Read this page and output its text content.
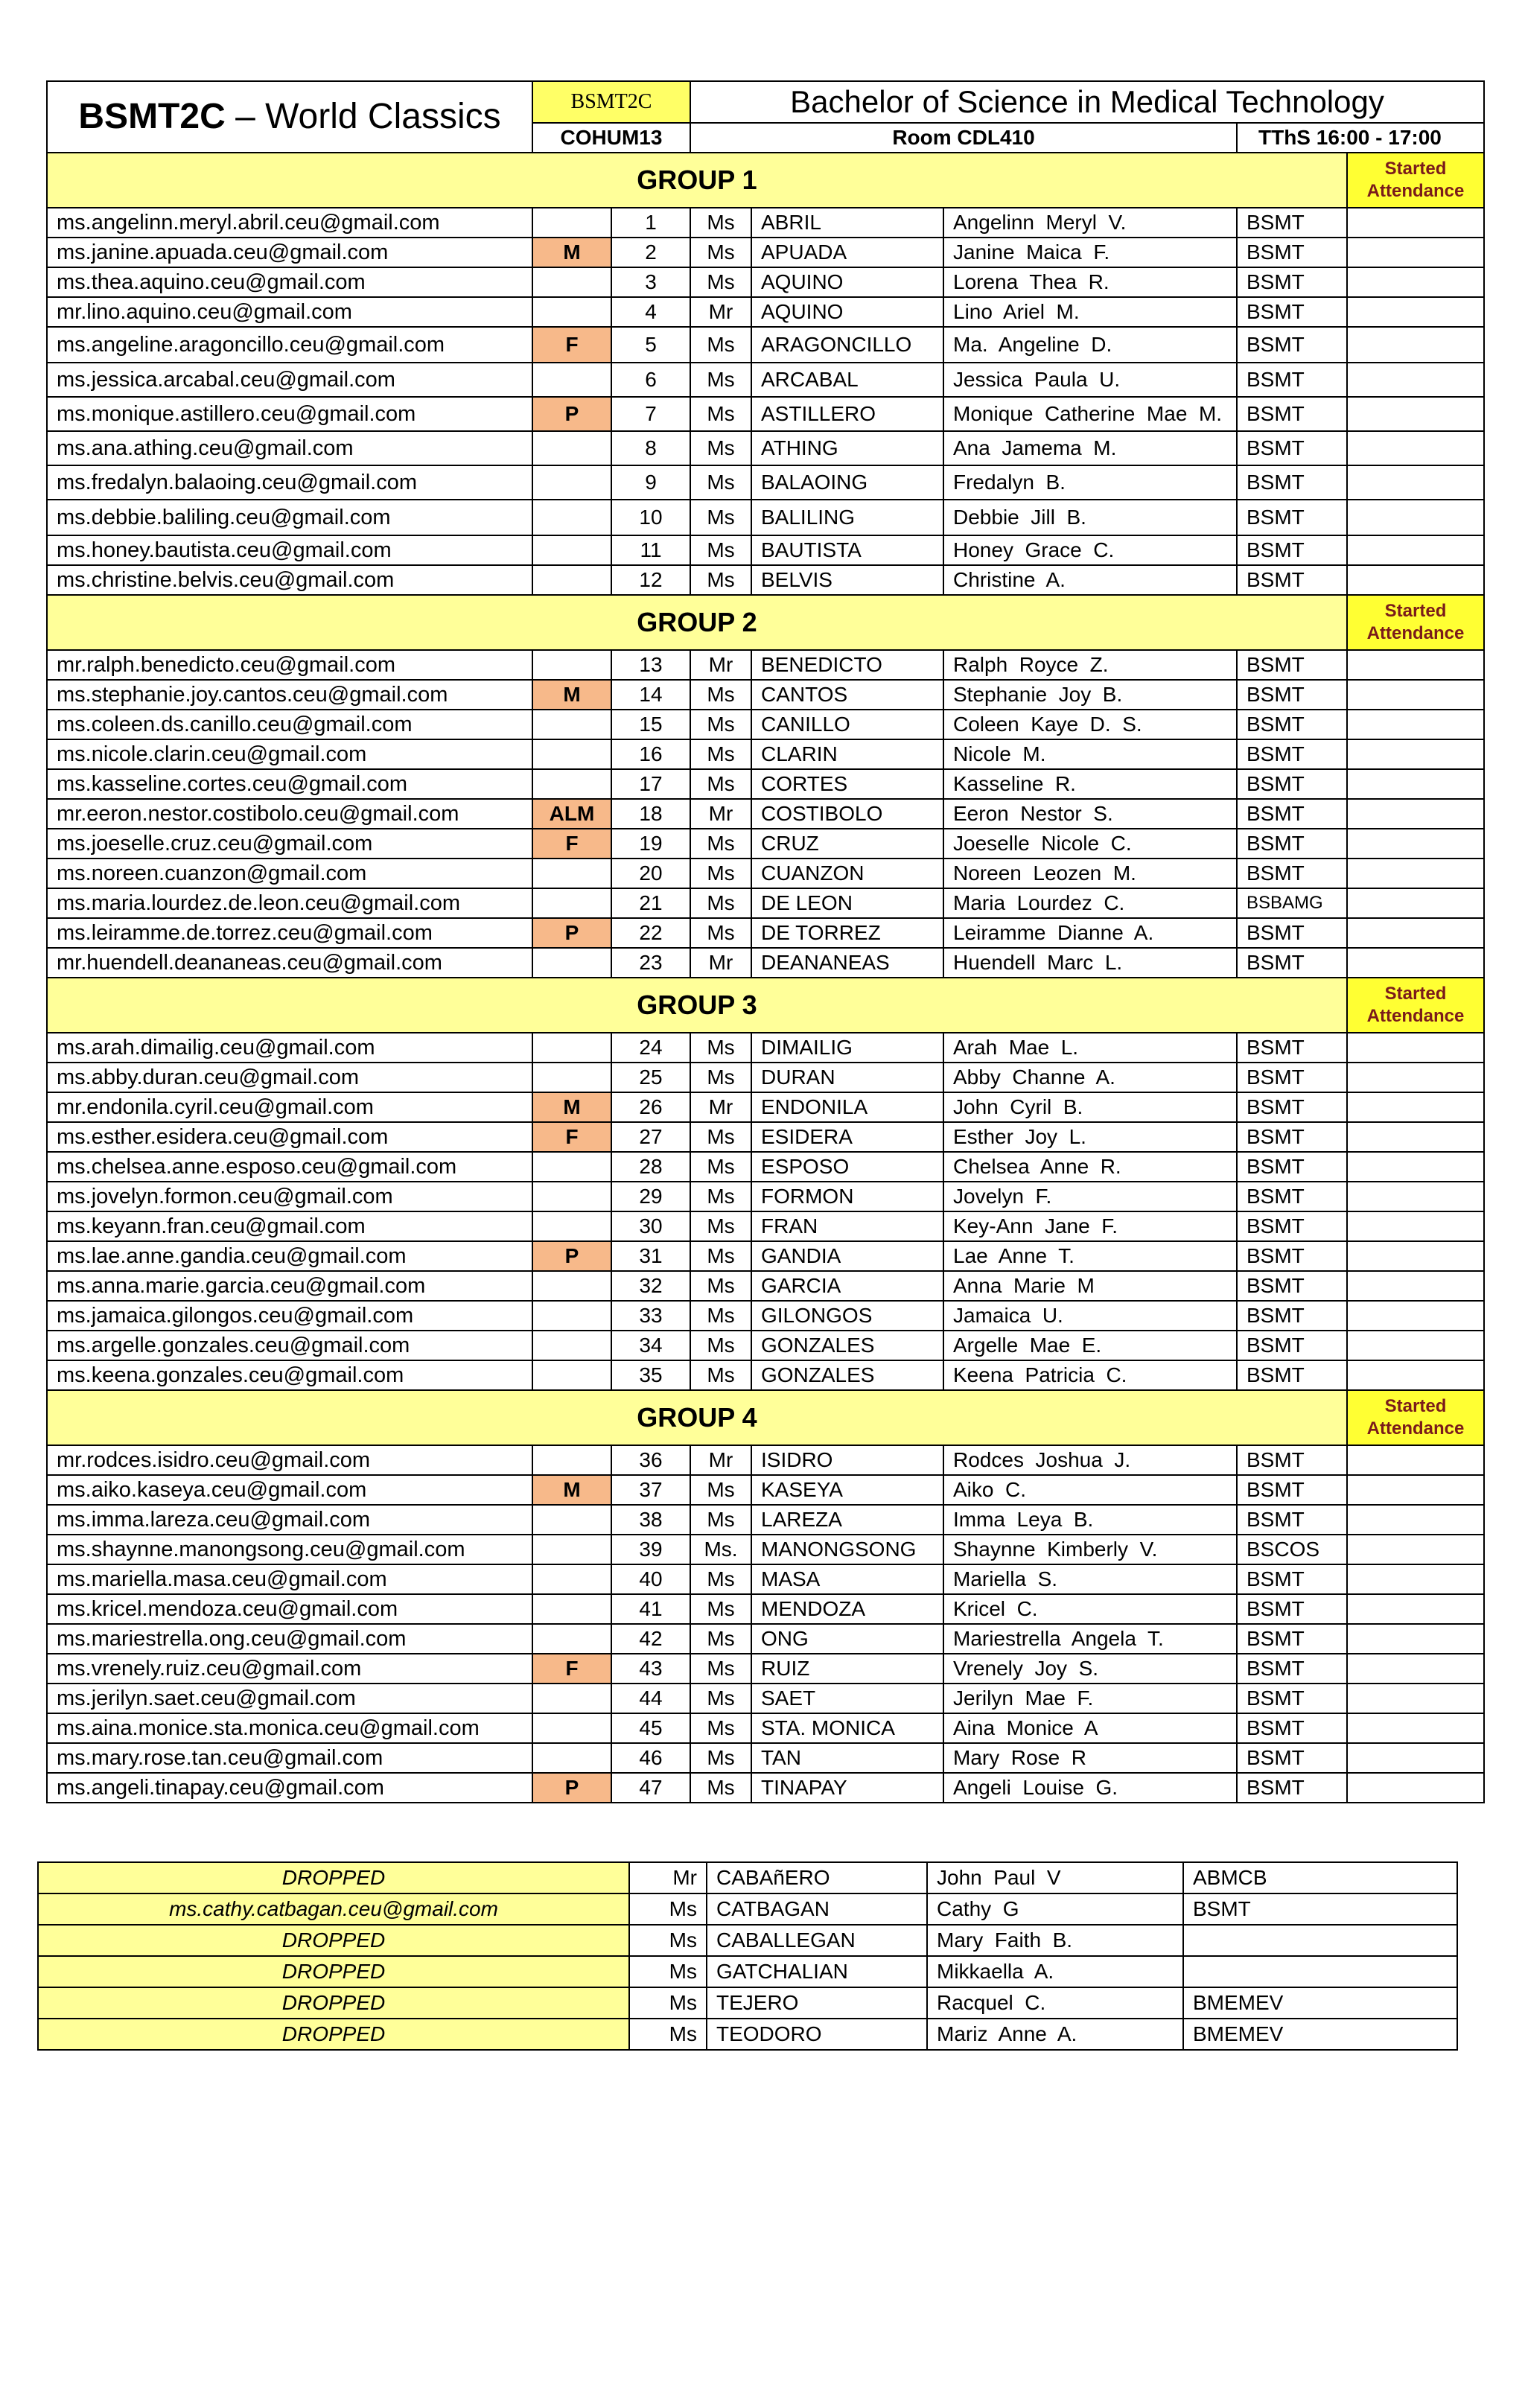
BSMT2C – World Classics	BSMT2C		Bachelor of Science in Medical Technology				
	COHUM13		Room CDL410			TThS 16:00 - 17:00	
GROUP 1							Started
Attendance
ms.angelinn.meryl.abril.ceu@gmail.com		1	Ms	ABRIL	Angelinn  Meryl  V.	BSMT	
ms.janine.apuada.ceu@gmail.com	M	2	Ms	APUADA	Janine  Maica  F.	BSMT	
ms.thea.aquino.ceu@gmail.com		3	Ms	AQUINO	Lorena  Thea  R.	BSMT	
mr.lino.aquino.ceu@gmail.com		4	Mr	AQUINO	Lino  Ariel  M.	BSMT	
ms.angeline.aragoncillo.ceu@gmail.com	F	5	Ms	ARAGONCILLO	Ma.  Angeline  D.	BSMT	
ms.jessica.arcabal.ceu@gmail.com		6	Ms	ARCABAL	Jessica  Paula  U.	BSMT	
ms.monique.astillero.ceu@gmail.com	P	7	Ms	ASTILLERO	Monique  Catherine  Mae  M.	BSMT	
ms.ana.athing.ceu@gmail.com		8	Ms	ATHING	Ana  Jamema  M.	BSMT	
ms.fredalyn.balaoing.ceu@gmail.com		9	Ms	BALAOING	Fredalyn  B.	BSMT	
ms.debbie.baliling.ceu@gmail.com		10	Ms	BALILING	Debbie  Jill  B.	BSMT	
ms.honey.bautista.ceu@gmail.com		11	Ms	BAUTISTA	Honey  Grace  C.	BSMT	
ms.christine.belvis.ceu@gmail.com		12	Ms	BELVIS	Christine  A.	BSMT	
GROUP 2							Started
Attendance
mr.ralph.benedicto.ceu@gmail.com		13	Mr	BENEDICTO	Ralph  Royce  Z.	BSMT	
ms.stephanie.joy.cantos.ceu@gmail.com	M	14	Ms	CANTOS	Stephanie  Joy  B.	BSMT	
ms.coleen.ds.canillo.ceu@gmail.com		15	Ms	CANILLO	Coleen  Kaye  D.  S.	BSMT	
ms.nicole.clarin.ceu@gmail.com		16	Ms	CLARIN	Nicole  M.	BSMT	
ms.kasseline.cortes.ceu@gmail.com		17	Ms	CORTES	Kasseline  R.	BSMT	
mr.eeron.nestor.costibolo.ceu@gmail.com	ALM	18	Mr	COSTIBOLO	Eeron  Nestor  S.	BSMT	
ms.joeselle.cruz.ceu@gmail.com	F	19	Ms	CRUZ	Joeselle  Nicole  C.	BSMT	
ms.noreen.cuanzon@gmail.com		20	Ms	CUANZON	Noreen  Leozen  M.	BSMT	
ms.maria.lourdez.de.leon.ceu@gmail.com		21	Ms	DE LEON	Maria  Lourdez  C.	BSBAMG	
ms.leiramme.de.torrez.ceu@gmail.com	P	22	Ms	DE TORREZ	Leiramme  Dianne  A.	BSMT	
mr.huendell.deananeas.ceu@gmail.com		23	Mr	DEANANEAS	Huendell  Marc  L.	BSMT	
GROUP 3							Started
Attendance
ms.arah.dimailig.ceu@gmail.com		24	Ms	DIMAILIG	Arah  Mae  L.	BSMT	
ms.abby.duran.ceu@gmail.com		25	Ms	DURAN	Abby  Channe  A.	BSMT	
mr.endonila.cyril.ceu@gmail.com	M	26	Mr	ENDONILA	John  Cyril  B.	BSMT	
ms.esther.esidera.ceu@gmail.com	F	27	Ms	ESIDERA	Esther  Joy  L.	BSMT	
ms.chelsea.anne.esposo.ceu@gmail.com		28	Ms	ESPOSO	Chelsea  Anne  R.	BSMT	
ms.jovelyn.formon.ceu@gmail.com		29	Ms	FORMON	Jovelyn  F.	BSMT	
ms.keyann.fran.ceu@gmail.com		30	Ms	FRAN	Key-Ann  Jane  F.	BSMT	
ms.lae.anne.gandia.ceu@gmail.com	P	31	Ms	GANDIA	Lae  Anne  T.	BSMT	
ms.anna.marie.garcia.ceu@gmail.com		32	Ms	GARCIA	Anna  Marie  M	BSMT	
ms.jamaica.gilongos.ceu@gmail.com		33	Ms	GILONGOS	Jamaica  U.	BSMT	
ms.argelle.gonzales.ceu@gmail.com		34	Ms	GONZALES	Argelle  Mae  E.	BSMT	
ms.keena.gonzales.ceu@gmail.com		35	Ms	GONZALES	Keena  Patricia  C.	BSMT	
GROUP 4							Started
Attendance
mr.rodces.isidro.ceu@gmail.com		36	Mr	ISIDRO	Rodces  Joshua  J.	BSMT	
ms.aiko.kaseya.ceu@gmail.com	M	37	Ms	KASEYA	Aiko  C.	BSMT	
ms.imma.lareza.ceu@gmail.com		38	Ms	LAREZA	Imma  Leya  B.	BSMT	
ms.shaynne.manongsong.ceu@gmail.com		39	Ms.	MANONGSONG	Shaynne  Kimberly  V.	BSCOS	
ms.mariella.masa.ceu@gmail.com		40	Ms	MASA	Mariella  S.	BSMT	
ms.kricel.mendoza.ceu@gmail.com		41	Ms	MENDOZA	Kricel  C.	BSMT	
ms.mariestrella.ong.ceu@gmail.com		42	Ms	ONG	Mariestrella  Angela  T.	BSMT	
ms.vrenely.ruiz.ceu@gmail.com	F	43	Ms	RUIZ	Vrenely  Joy  S.	BSMT	
ms.jerilyn.saet.ceu@gmail.com		44	Ms	SAET	Jerilyn  Mae  F.	BSMT	
ms.aina.monice.sta.monica.ceu@gmail.com		45	Ms	STA. MONICA	Aina  Monice  A	BSMT	
ms.mary.rose.tan.ceu@gmail.com		46	Ms	TAN	Mary  Rose  R	BSMT	
ms.angeli.tinapay.ceu@gmail.com	P	47	Ms	TINAPAY	Angeli  Louise  G.	BSMT	
DROPPED	Mr	CABAñERO	John  Paul  V	ABMCB
ms.cathy.catbagan.ceu@gmail.com	Ms	CATBAGAN	Cathy  G	BSMT
DROPPED	Ms	CABALLEGAN	Mary  Faith  B.	
DROPPED	Ms	GATCHALIAN	Mikkaella  A.	
DROPPED	Ms	TEJERO	Racquel  C.	BMEMEV
DROPPED	Ms	TEODORO	Mariz  Anne  A.	BMEMEV
